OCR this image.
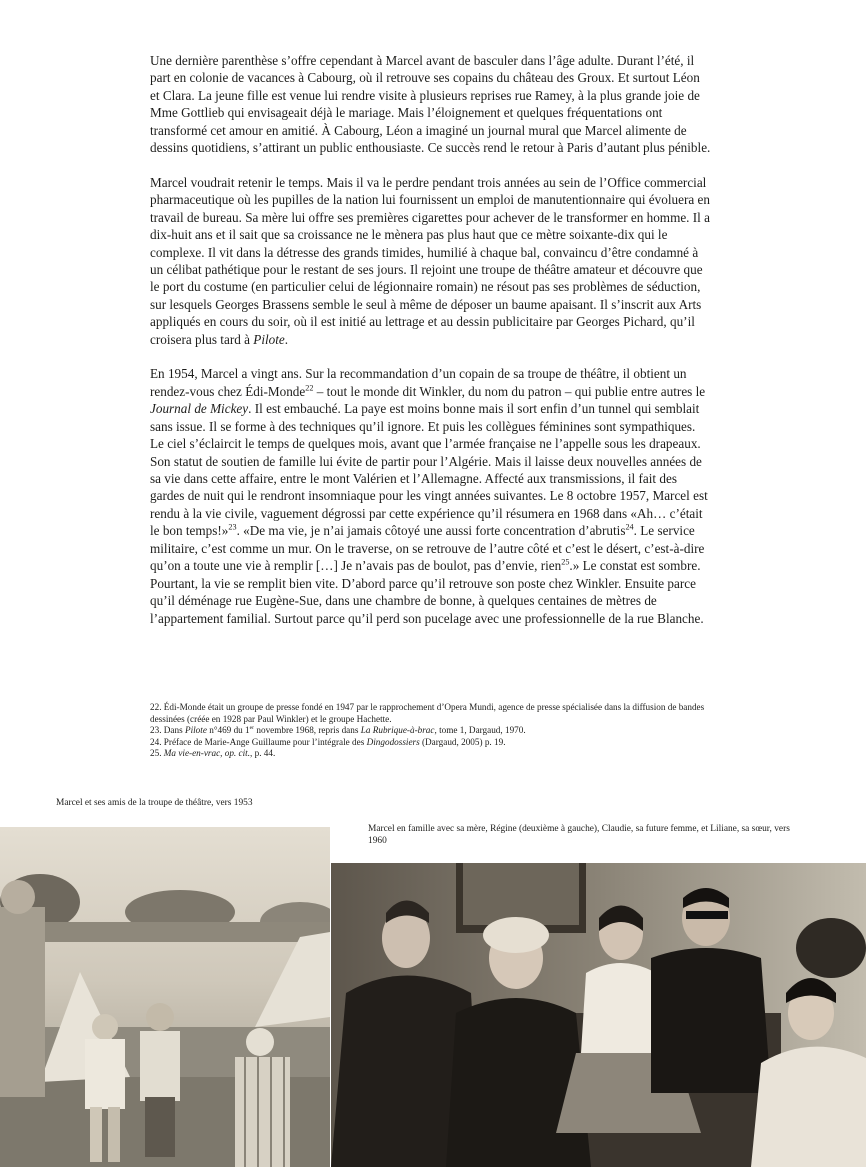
Une dernière parenthèse s’offre cependant à Marcel avant de basculer dans l’âge adulte. Durant l’été, il part en colonie de vacances à Cabourg, où il retrouve ses copains du château des Groux. Et surtout Léon et Clara. La jeune fille est venue lui rendre visite à plusieurs reprises rue Ramey, à la plus grande joie de Mme Gottlieb qui envisageait déjà le mariage. Mais l’éloignement et quelques fréquentations ont transformé cet amour en amitié. À Cabourg, Léon a imaginé un journal mural que Marcel alimente de dessins quotidiens, s’attirant un public enthousiaste. Ce succès rend le retour à Paris d’autant plus pénible.

Marcel voudrait retenir le temps. Mais il va le perdre pendant trois années au sein de l’Office commercial pharmaceutique où les pupilles de la nation lui fournissent un emploi de manutentionnaire qui évoluera en travail de bureau. Sa mère lui offre ses premières cigarettes pour achever de le transformer en homme. Il a dix-huit ans et il sait que sa croissance ne le mènera pas plus haut que ce mètre soixante-dix qui le complexe. Il vit dans la détresse des grands timides, humilié à chaque bal, convaincu d’être condamné à un célibat pathétique pour le restant de ses jours. Il rejoint une troupe de théâtre amateur et découvre que le port du costume (en particulier celui de légionnaire romain) ne résout pas ses problèmes de séduction, sur lesquels Georges Brassens semble le seul à même de déposer un baume apaisant. Il s’inscrit aux Arts appliqués en cours du soir, où il est initié au lettrage et au dessin publicitaire par Georges Pichard, qu’il croisera plus tard à Pilote.

En 1954, Marcel a vingt ans. Sur la recommandation d’un copain de sa troupe de théâtre, il obtient un rendez-vous chez Édi-Monde$^{22}$ – tout le monde dit Winkler, du nom du patron – qui publie entre autres le Journal de Mickey. Il est embauché. La paye est moins bonne mais il sort enfin d’un tunnel qui semblait sans issue. Il se forme à des techniques qu’il ignore. Et puis les collègues féminines sont sympathiques. Le ciel s’éclaircit le temps de quelques mois, avant que l’armée française ne l’appelle sous les drapeaux. Son statut de soutien de famille lui évite de partir pour l’Algérie. Mais il laisse deux nouvelles années de sa vie dans cette affaire, entre le mont Valérien et l’Allemagne. Affecté aux transmissions, il fait des gardes de nuit qui le rendront insomniaque pour les vingt années suivantes. Le 8 octobre 1957, Marcel est rendu à la vie civile, vaguement dégrossi par cette expérience qu’il résumera en 1968 dans «Ah… c’était le bon temps!»$^{23}$. «De ma vie, je n’ai jamais côtoyé une aussi forte concentration d’abrutis$^{24}$. Le service militaire, c’est comme un mur. On le traverse, on se retrouve de l’autre côté et c’est le désert, c’est-à-dire qu’on a toute une vie à remplir […] Je n’avais pas de boulot, pas d’envie, rien$^{25}$.» Le constat est sombre. Pourtant, la vie se remplit bien vite. D’abord parce qu’il retrouve son poste chez Winkler. Ensuite parce qu’il déménage rue Eugène-Sue, dans une chambre de bonne, à quelques centaines de mètres de l’appartement familial. Surtout parce qu’il perd son pucelage avec une professionnelle de la rue Blanche.

22. Édi-Monde était un groupe de presse fondé en 1947 par le rapprochement d’Opera Mundi, agence de presse spécialisée dans la diffusion de bandes dessinées (créée en 1928 par Paul Winkler) et le groupe Hachette.

23. Dans Pilote n°469 du 1er novembre 1968, repris dans La Rubrique-à-brac, tome 1, Dargaud, 1970.

24. Préface de Marie-Ange Guillaume pour l’intégrale des Dingodossiers (Dargaud, 2005) p. 19.

25. Ma vie-en-vrac, op. cit., p. 44.

Marcel et ses amis de la troupe de théâtre, vers 1953
Marcel en famille avec sa mère, Régine (deuxième à gauche), Claudie, sa future femme, et Liliane, sa sœur, vers 1960
